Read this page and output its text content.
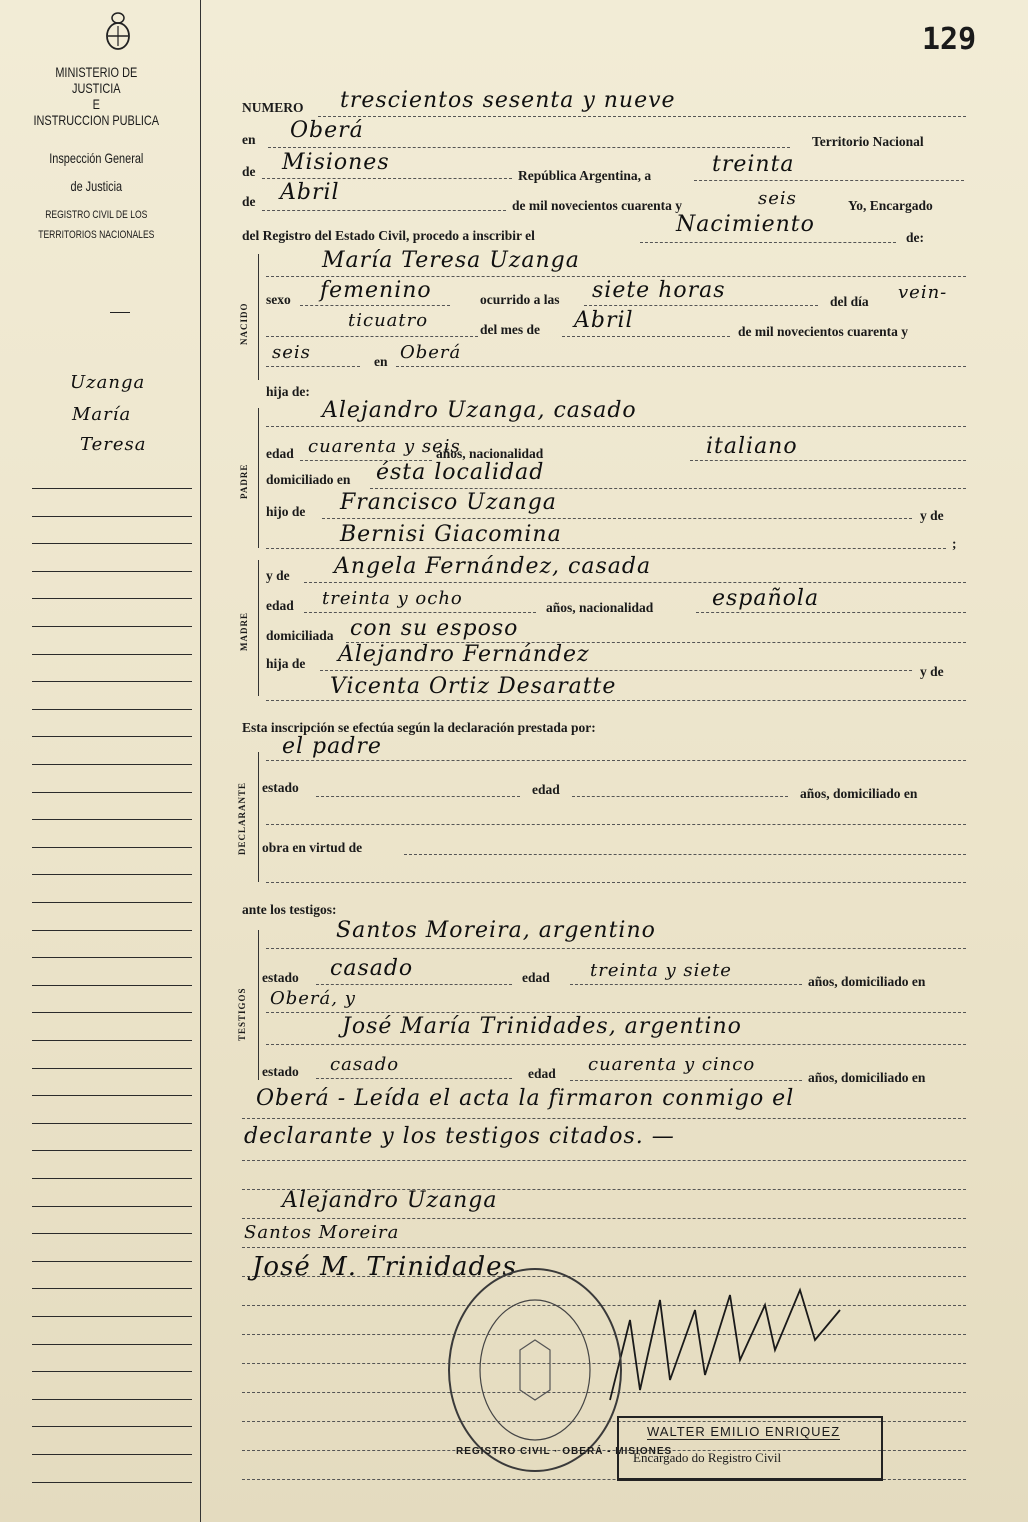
129
MINISTERIO DE JUSTICIA
E
INSTRUCCION PUBLICA
Inspección General
de Justicia
REGISTRO CIVIL DE LOS
TERRITORIOS NACIONALES
Uzanga
María
Teresa
NUMERO trescientos sesenta y nueve
en Oberá	Territorio Nacional
de Misiones
República Argentina, a	treinta
de Abril
de mil novecientos cuarenta y	seis	Yo, Encargado
del Registro del Estado Civil, procedo a inscribir el	Nacimiento
de:
NACIDO
María Teresa Uzanga
sexo femenino	ocurrido a las siete horas	del día vein-
ticuatro	del mes de Abril	de mil novecientos cuarenta y
seis	en Oberá
hija de:
PADRE
Alejandro Uzanga, casado
edad cuarenta y seis
años, nacionalidad	italiano
domiciliado en ésta localidad
hijo de Francisco Uzanga
y de
Bernisi Giacomina	;
MADRE
y de Angela Fernández, casada
edad treinta y ocho	años, nacionalidad	española
domiciliada con su esposo
hija de Alejandro Fernández
y de
Vicenta Ortiz Desaratte
Esta inscripción se efectúa según la declaración prestada por:
el padre
DECLARANTE estado	edad	años, domiciliado en
obra en virtud de
ante los testigos:
TESTIGOS
Santos Moreira, argentino
estado casado	edad treinta y siete
años, domiciliado en
Oberá, y
José María Trinidades, argentino
estado casado	edad cuarenta y cinco
años, domiciliado en
Oberá - Leída el acta la firmaron conmigo el
declarante y los testigos citados. —
Alejandro Uzanga
Santos Moreira
José M. Trinidades
REGISTRO CIVIL · OBERÁ - MISIONES
WALTER EMILIO ENRIQUEZ
Encargado do Registro Civil
